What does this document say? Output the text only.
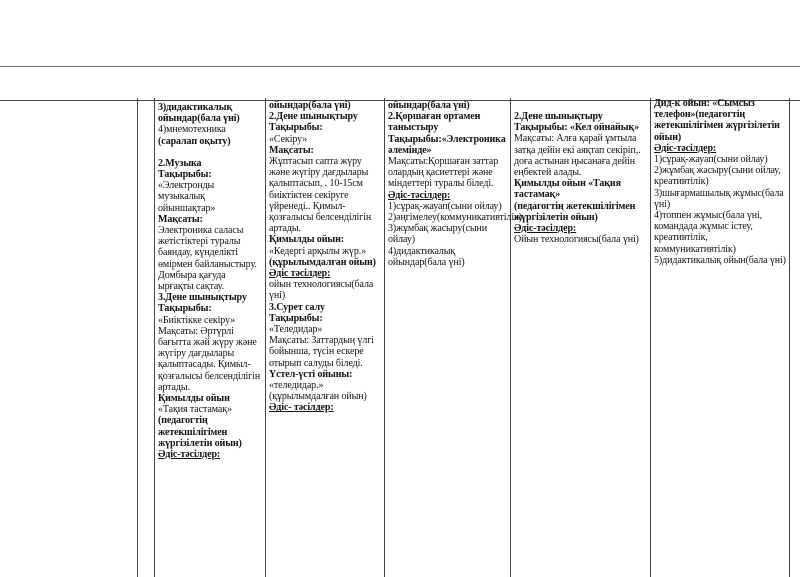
3)дидактикалық ойындар(бала үні)

4)мнемотехника

(саралап оқыту)

2.Музыка

Тақырыбы:

«Электронды музыкалық ойыншақтар»

Мақсаты:

Электроника саласы жетістіктері туралы баяндау, күнделікті өмірмен байланыстыру. Домбыра қағуда ырғақты сақтау.

3.Дене шынықтыру

Тақырыбы:

«Биіктікке секіру»

Мақсаты: Әртүрлі бағытта жәй жүру және жүгіру дағдылары қалыптасады. Қимыл-қозғалысы белсенділігін артады.

Қимылды ойын

«Тақия тастамақ»

(педагогтің жетекшілігімен жүргізілетін ойын)

Әдіс-тәсілдер:

ойындар(бала үні)

2.Дене шынықтыру

Тақырыбы:

«Секіру»

Мақсаты:

Жұптасып сапта жүру және жүгіру дағдылары қалыптасып, . 10-15см биіктіктен секіруге үйренеді.. Қимыл-қозғалысы белсенділігін артады.

Қимылды ойын:

«Кедергі арқылы жүр.»

(құрылымдалған ойын)

Әдіс тәсілдер:

ойын технологиясы(бала үні)

3.Сурет салу

Тақырыбы:

«Теледидар»

Мақсаты: Заттардың үлгі бойынша, түсін ескере отырып салуды біледі.

Үстел-үсті ойыны:

«теледидар.»

(құрылымдалған ойын)

Әдіс- тәсілдер:

ойындар(бала үні)

2.Қоршаған ортамен таныстыру

Тақырыбы:«Электроника әлемінде»

Мақсаты:Қоршаған заттар олардың қасиеттері және міндеттері туралы біледі.

Әдіс-тәсілдер:

1)сұрақ-жауап(сыни ойлау)

2)әңгімелеу(коммуникативтілік)

3)жұмбақ жасыру(сыни ойлау)

4)дидактикалық ойындар(бала үні)

2.Дене шынықтыру

Тақырыбы: «Кел ойнайық»

Мақсаты: Алға қарай ұмтыла затқа дейін екі аяқтап секіріп,.

доға астынан ңысанаға дейін еңбектей алады.

Қимылды ойын «Тақия тастамақ»

(педагогтің жетекшілігімен жүргізілетін ойын)

Әдіс-тәсілдер:

Ойын технологиясы(бала үні)

Дид-к ойын: «Сымсыз телефон»(педагогтің жетекшілігімен жүргізілетін ойын)

Әдіс-тәсілдер:

1)сұрақ-жауап(сыни ойлау)

2)жұмбақ жасыру(сыни ойлау, креативтілік)

3)шығармашылық жұмыс(бала үні)

4)топпен жұмыс(бала үні, командада жұмыс істеу, креативтілік, коммуникативтілік)

5)дидактикалық ойын(бала үні)
